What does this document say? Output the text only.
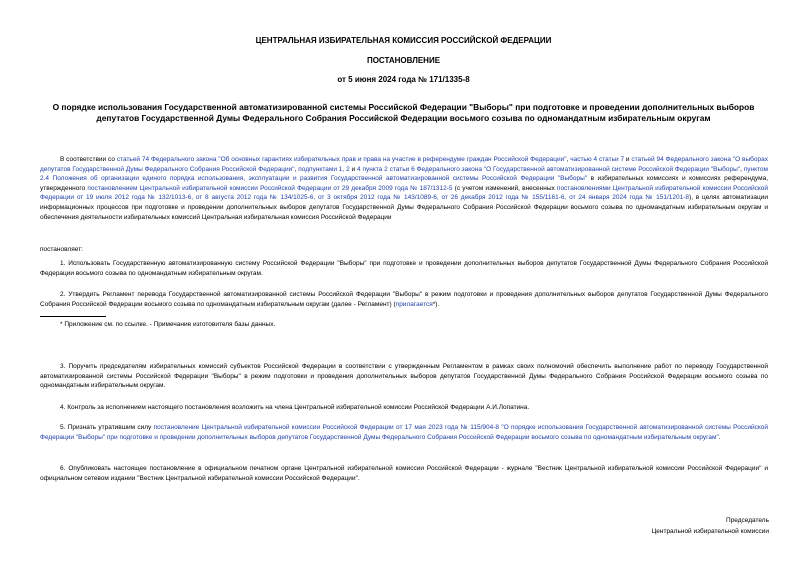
ЦЕНТРАЛЬНАЯ ИЗБИРАТЕЛЬНАЯ КОМИССИЯ РОССИЙСКОЙ ФЕДЕРАЦИИ
ПОСТАНОВЛЕНИЕ
от 5 июня 2024 года № 171/1335-8
О порядке использования Государственной автоматизированной системы Российской Федерации "Выборы" при подготовке и проведении дополнительных выборов депутатов Государственной Думы Федерального Собрания Российской Федерации восьмого созыва по одномандатным избирательным округам

В соответствии со статьей 74 Федерального закона "Об основных гарантиях избирательных прав и права на участие в референдуме граждан Российской Федерации", частью 4 статьи 7 и статьей 94 Федерального закона "О выборах депутатов Государственной Думы Федерального Собрания Российской Федерации", подпунктами 1, 2 и 4 пункта 2 статьи 6 Федерального закона "О Государственной автоматизированной системе Российской Федерации "Выборы", пунктом 2.4 Положения об организации единого порядка использования, эксплуатации и развития Государственной автоматизированной системы Российской Федерации "Выборы" в избирательных комиссиях и комиссиях референдума, утвержденного постановлением Центральной избирательной комиссии Российской Федерации от 29 декабря 2009 года № 187/1312-5 (с учетом изменений, внесенных постановлениями Центральной избирательной комиссии Российской Федерации от 19 июля 2012 года № 132/1013-6, от 8 августа 2012 года № 134/1025-6, от 3 октября 2012 года № 143/1089-6, от 26 декабря 2012 года № 155/1161-6, от 24 января 2024 года № 151/1201-8), в целях автоматизации информационных процессов при подготовке и проведении дополнительных выборов депутатов Государственной Думы Федерального Собрания Российской Федерации восьмого созыва по одномандатным избирательным округам и обеспечения деятельности избирательных комиссий Центральная избирательная комиссия Российской Федерации

постановляет:

1. Использовать Государственную автоматизированную систему Российской Федерации "Выборы" при подготовке и проведении дополнительных выборов депутатов Государственной Думы Федерального Собрания Российской Федерации восьмого созыва по одномандатным избирательным округам.

2. Утвердить Регламент перевода Государственной автоматизированной системы Российской Федерации "Выборы" в режим подготовки и проведения дополнительных выборов депутатов Государственной Думы Федерального Собрания Российской Федерации восьмого созыва по одномандатным избирательным округам (далее - Регламент) (прилагается*).

* Приложение см. по ссылке. - Примечание изготовителя базы данных.

3. Поручить председателям избирательных комиссий субъектов Российской Федерации в соответствии с утвержденным Регламентом в рамках своих полномочий обеспечить выполнение работ по переводу Государственной автоматизированной системы Российской Федерации "Выборы" в режим подготовки и проведения дополнительных выборов депутатов Государственной Думы Федерального Собрания Российской Федерации восьмого созыва по одномандатным избирательным округам.

4. Контроль за исполнением настоящего постановления возложить на члена Центральной избирательной комиссии Российской Федерации А.И.Лопатина.

5. Признать утратившим силу постановление Центральной избирательной комиссии Российской Федерации от 17 мая 2023 года № 115/904-8 "О порядке использования Государственной автоматизированной системы Российской Федерации "Выборы" при подготовке и проведении дополнительных выборов депутатов Государственной Думы Федерального Собрания Российской Федерации восьмого созыва по одномандатным избирательным округам".

6. Опубликовать настоящее постановление в официальном печатном органе Центральной избирательной комиссии Российской Федерации - журнале "Вестник Центральной избирательной комиссии Российской Федерации" и официальном сетевом издании "Вестник Центральной избирательной комиссии Российской Федерации".

Председатель
Центральной избирательной комиссии
